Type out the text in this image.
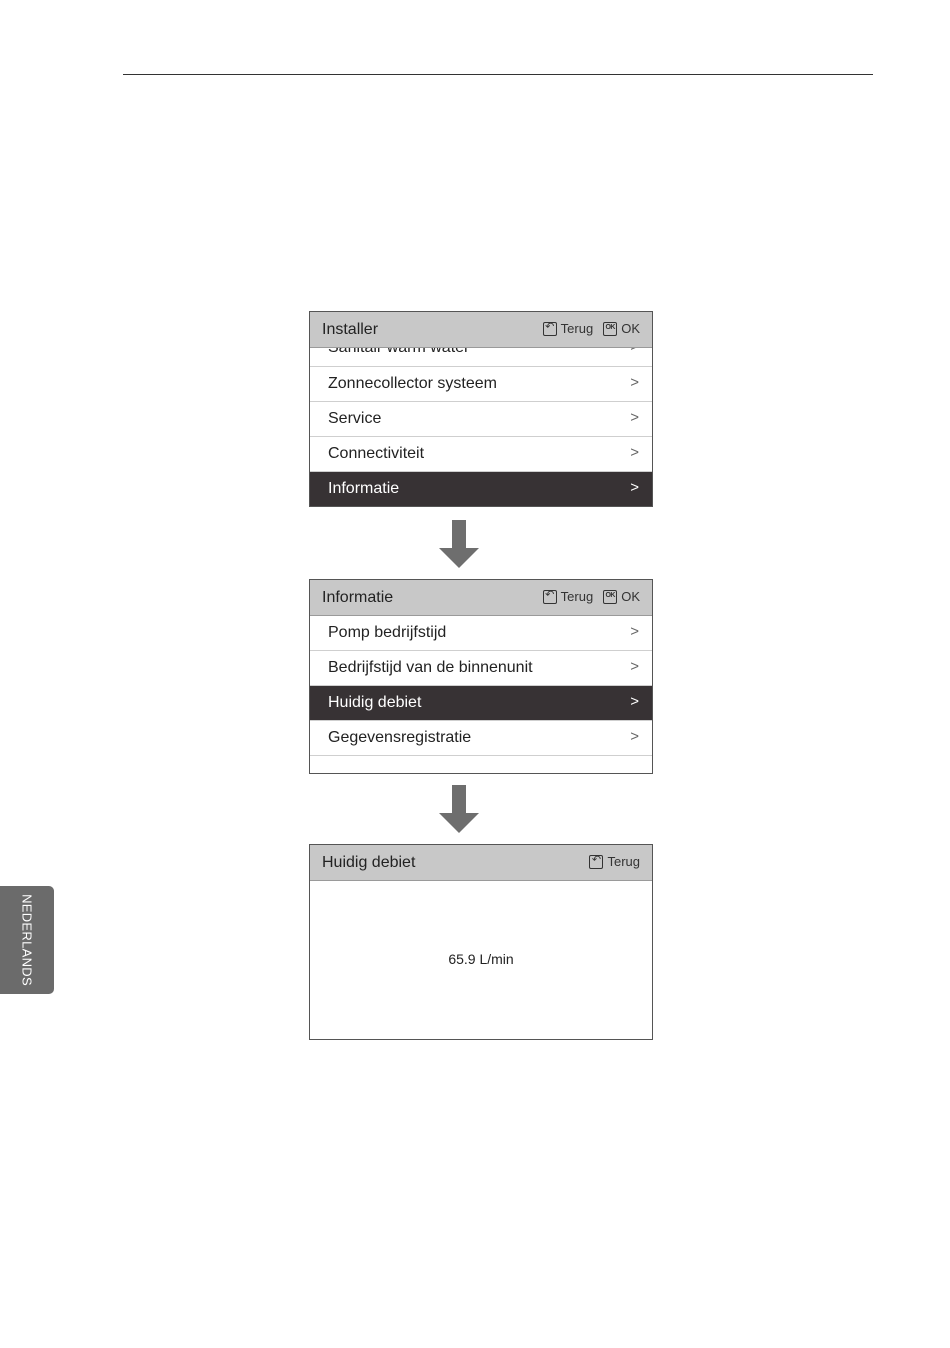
NEDERLANDS
Installer ↶	Terug OK OK
Zonnecollector systeem	>
Service	>
Connectiviteit	>
Informatie	>
Informatie ↶	Terug OK OK
Pomp bedrijfstijd	>
Bedrijfstijd van de binnenunit	>
Huidig debiet	>
Gegevensregistratie	>
Huidig debiet ↶	Terug
65.9 L/min
